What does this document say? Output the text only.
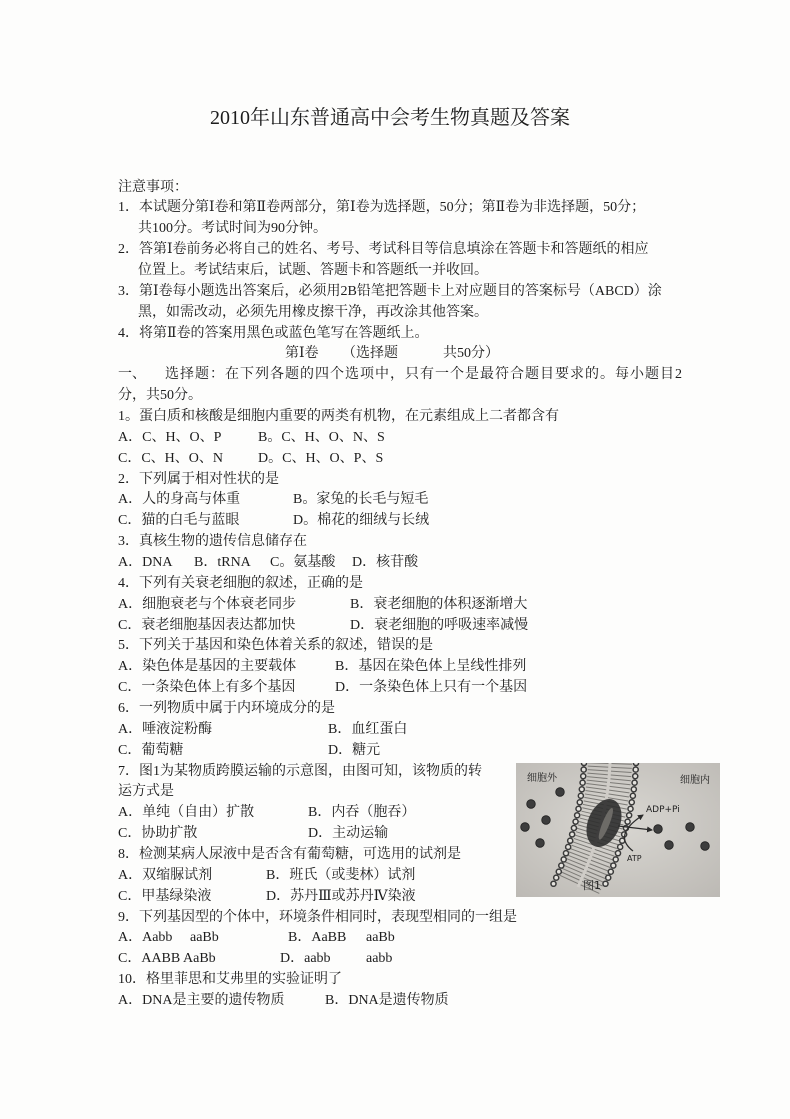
2010年山东普通高中会考生物真题及答案
注意事项：
1．本试题分第Ⅰ卷和第Ⅱ卷两部分，第Ⅰ卷为选择题，50分；第Ⅱ卷为非选择题，50分；
共100分。考试时间为90分钟。
2．答第Ⅰ卷前务必将自己的姓名、考号、考试科目等信息填涂在答题卡和答题纸的相应
位置上。考试结束后，试题、答题卡和答题纸一并收回。
3．第Ⅰ卷每小题选出答案后，必须用2B铅笔把答题卡上对应题目的答案标号（ABCD）涂
黑，如需改动，必须先用橡皮擦干净，再改涂其他答案。
4．将第Ⅱ卷的答案用黑色或蓝色笔写在答题纸上。
第Ⅰ卷 （选择题	共50分）
一、 选择题：在下列各题的四个选项中，只有一个是最符合题目要求的。每小题目2
分，共50分。
1。蛋白质和核酸是细胞内重要的两类有机物，在元素组成上二者都含有
A．C、H、O、P	B。C、H、O、N、S
C．C、H、O、N D。C、H、O、P、S
2．下列属于相对性状的是
A．人的身高与体重	B。家兔的长毛与短毛
C．猫的白毛与蓝眼	D。棉花的细绒与长绒
3．真核生物的遗传信息储存在
A．DNA B．tRNA C。氨基酸 D．核苷酸
4．下列有关衰老细胞的叙述，正确的是
A．细胞衰老与个体衰老同步	B．衰老细胞的体积逐渐增大
C．衰老细胞基因表达都加快	D．衰老细胞的呼吸速率减慢
5．下列关于基因和染色体着关系的叙述，错误的是
A．染色体是基因的主要载体	B．基因在染色体上呈线性排列
C．一条染色体上有多个基因	D．一条染色体上只有一个基因
6．一列物质中属于内环境成分的是
A．唾液淀粉酶	B．血红蛋白
C．葡萄糖	D．糖元
7．图1为某物质跨膜运输的示意图，由图可知，该物质的转
运方式是
A．单纯（自由）扩散	B．内吞（胞吞）
C．协助扩散	D．主动运输
8．检测某病人尿液中是否含有葡萄糖，可选用的试剂是
A．双缩脲试剂	B．班氏（或斐林）试剂
C．甲基绿染液	D．苏丹Ⅲ或苏丹Ⅳ染液
9．下列基因型的个体中，环境条件相同时，表现型相同的一组是
A．Aabb aaBb	B．AaBB aaBb
C．AABB AaBb	D．aabb	aabb
10．格里菲思和艾弗里的实验证明了
A．DNA是主要的遗传物质	B．DNA是遗传物质
细胞外	细胞内
ADP+Pi
ATP
图1
